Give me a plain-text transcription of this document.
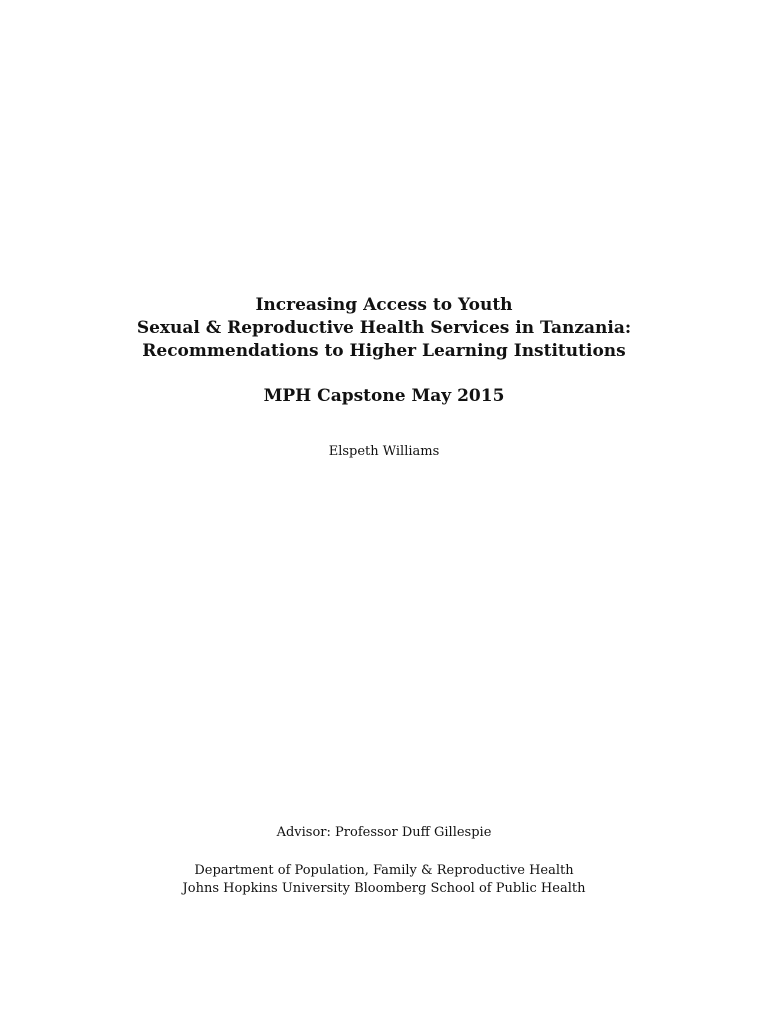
Increasing Access to Youth
Sexual & Reproductive Health Services in Tanzania:
Recommendations to Higher Learning Institutions
MPH Capstone May 2015
Elspeth Williams
Advisor: Professor Duff Gillespie
Department of Population, Family & Reproductive Health
Johns Hopkins University Bloomberg School of Public Health
